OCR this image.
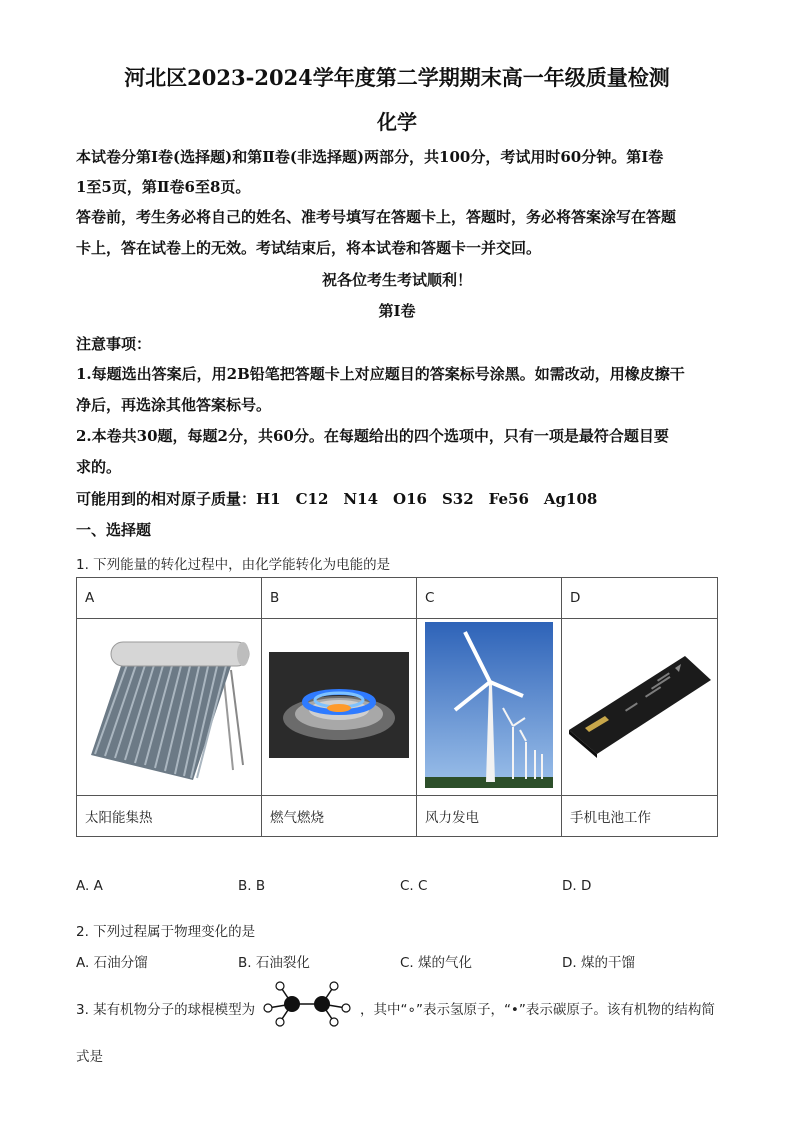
河北区2023-2024学年度第二学期期末高一年级质量检测
化学
本试卷分第Ⅰ卷(选择题)和第Ⅱ卷(非选择题)两部分，共100分，考试用时60分钟。第Ⅰ卷
1至5页，第Ⅱ卷6至8页。
答卷前，考生务必将自己的姓名、准考号填写在答题卡上，答题时，务必将答案涂写在答题
卡上，答在试卷上的无效。考试结束后，将本试卷和答题卡一并交回。
祝各位考生考试顺利！
第Ⅰ卷
注意事项：
1.每题选出答案后，用2B铅笔把答题卡上对应题目的答案标号涂黑。如需改动，用橡皮擦干
净后，再选涂其他答案标号。
2.本卷共30题，每题2分，共60分。在每题给出的四个选项中，只有一项是最符合题目要
求的。
可能用到的相对原子质量：H1　C12　N14　O16　S32　Fe56　Ag108
一、选择题
1. 下列能量的转化过程中，由化学能转化为电能的是
A	B	C	D

太阳能集热	燃气燃烧	风力发电	手机电池工作
A. A	B. B	C. C	D. D
2. 下列过程属于物理变化的是
A. 石油分馏	B. 石油裂化	C. 煤的气化	D. 煤的干馏
3. 某有机物分子的球棍模型为	，其中“∘”表示氢原子，“•”表示碳原子。该有机物的结构简
式是
